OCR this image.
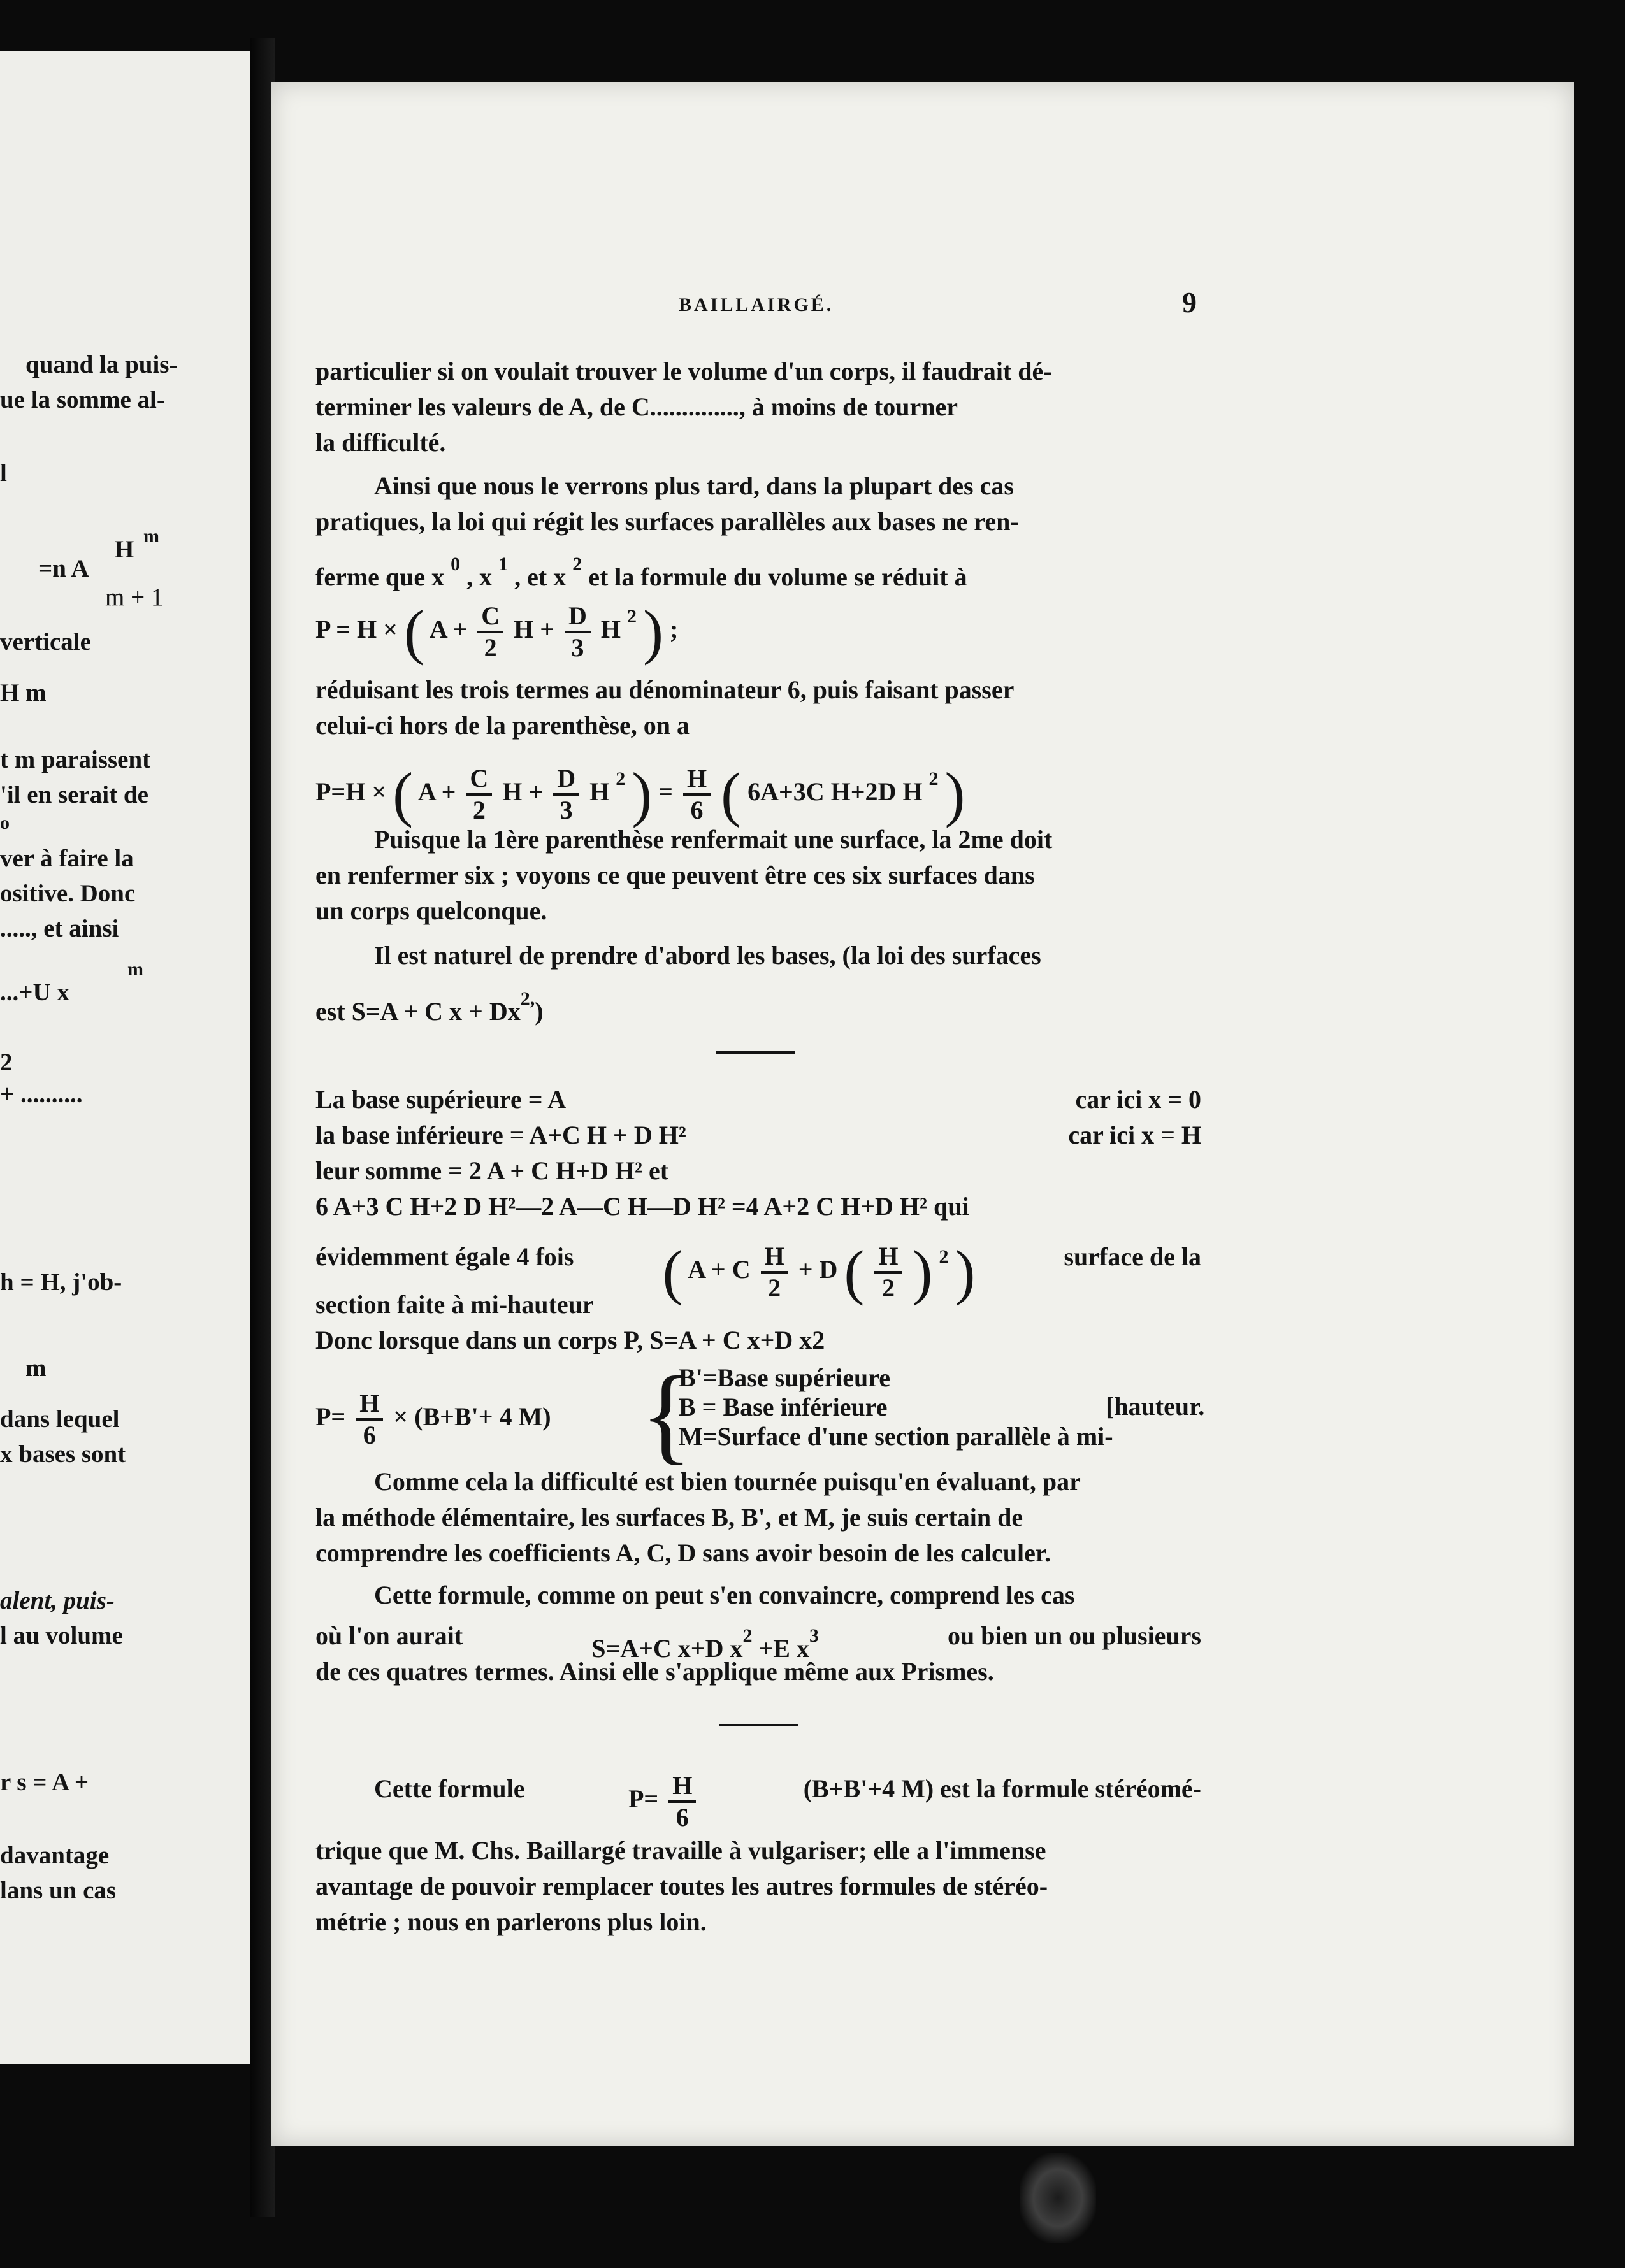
quand la puis-
ue la somme al-
l
=n A
H m
m + 1
verticale
H m
t m paraissent
'il en serait de
o
ver à faire la
ositive. Donc
....., et ainsi
...+U x
m
2
+ ..........
h = H, j'ob-
m
dans lequel
x bases sont
alent, puis-
l au volume
r s = A +
davantage
lans un cas
BAILLAIRGÉ.	9
particulier si on voulait trouver le volume d'un corps, il faudrait dé-
terminer les valeurs de A, de C.............., à moins de tourner
la difficulté.
Ainsi que nous le verrons plus tard, dans la plupart des cas
pratiques, la loi qui régit les surfaces parallèles aux bases ne ren-
ferme que x $^0$ , x $^1$ , et x $^2$ et la formule du volume se réduit à
P = H × ( $A + \frac{C}{2}$ $H + \frac{D}{3}$ H $^2$ ) ;
réduisant les trois termes au dénominateur 6, puis faisant passer
celui-ci hors de la parenthèse, on a
P=H × ( $A + \frac{C}{2}$ $H + \frac{D}{3}$ H $^2$ ) = $\frac{H}{6}$ ( 6A+3C H+2D H $^2$ )
Puisque la 1ère parenthèse renfermait une surface, la 2me doit
en renfermer six ; voyons ce que peuvent être ces six surfaces dans
un corps quelconque.
Il est naturel de prendre d'abord les bases, (la loi des surfaces
est S=A + C $x + Dx^{2,}$)
La base supérieure = A	car ici x = 0
la base inférieure = A+C H + D H²	car ici x = H
leur somme = 2 A + C H+D H² et
6 A+3 C H+2 D H²—2 A—C H—D H² =4 A+2 C H+D H² qui
évidemment égale 4 fois ( A + C $\frac{H}{2} + D$ ( $\frac{H}{2}$ ) $^2$ )	surface de la
section faite à mi-hauteur
Donc lorsque dans un corps P, S=A + C x+D x2
$P= \frac{H}{6} \times (B+B'+ 4$ M) {
B'=Base supérieure
B = Base inférieure
M=Surface d'une section parallèle à mi-
[hauteur.
Comme cela la difficulté est bien tournée puisqu'en évaluant, par
la méthode élémentaire, les surfaces B, B', et M, je suis certain de
comprendre les coefficients A, C, D sans avoir besoin de les calculer.
Cette formule, comme on peut s'en convaincre, comprend les cas
où l'on aurait	S=A+C x+D $x^2 +E$ $x^3$	ou bien un ou plusieurs
de ces quatres termes. Ainsi elle s'applique même aux Prismes.
Cette formule	$P= \frac{H}{6}$	(B+B'+4 M) est la formule stéréomé-
trique que M. Chs. Baillargé travaille à vulgariser; elle a l'immense
avantage de pouvoir remplacer toutes les autres formules de stéréo-
métrie ; nous en parlerons plus loin.
